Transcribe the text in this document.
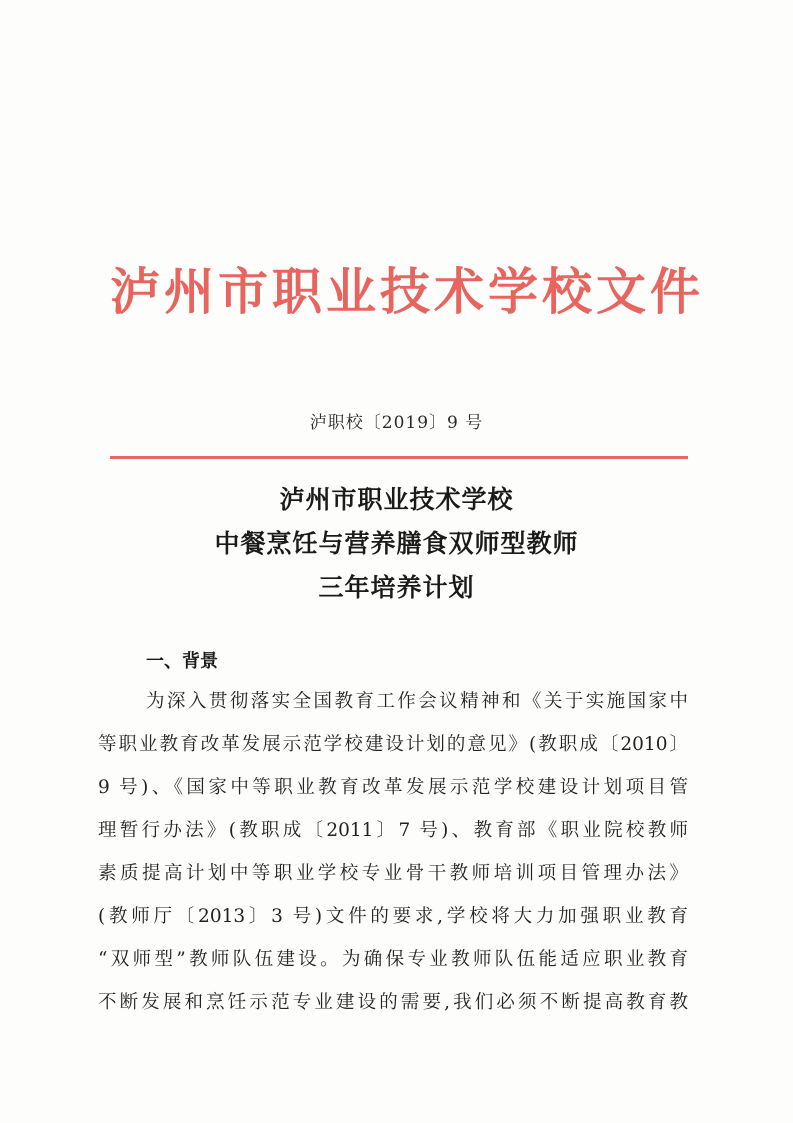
泸州市职业技术学校文件
泸职校〔2019〕9 号
泸州市职业技术学校
中餐烹饪与营养膳食双师型教师
三年培养计划
一、背景
为深入贯彻落实全国教育工作会议精神和《关于实施国家中
等职业教育改革发展示范学校建设计划的意见》(教职成〔2010〕
9 号)、《国家中等职业教育改革发展示范学校建设计划项目管
理暂行办法》(教职成〔2011〕7 号)、教育部《职业院校教师
素质提高计划中等职业学校专业骨干教师培训项目管理办法》
(教师厅〔2013〕3 号)文件的要求,学校将大力加强职业教育
“双师型”教师队伍建设。为确保专业教师队伍能适应职业教育
不断发展和烹饪示范专业建设的需要,我们必须不断提高教育教
